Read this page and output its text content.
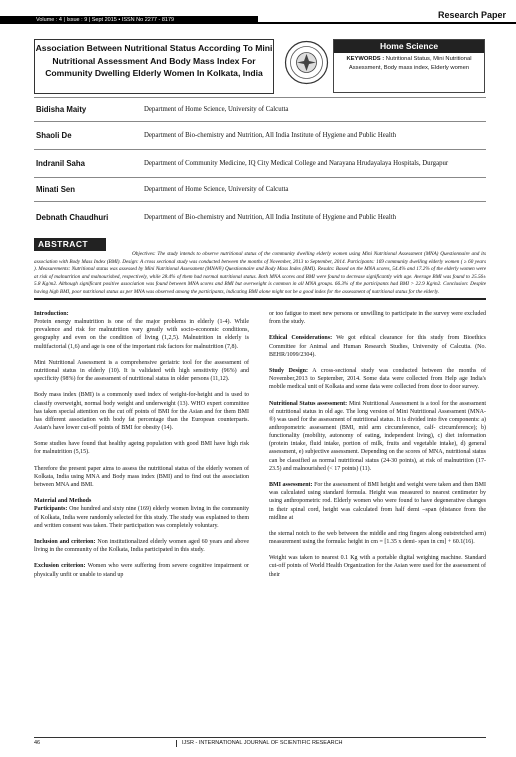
Volume : 4 | Issue : 9 | Sept 2015 • ISSN No 2277 - 8179	Research Paper
Association Between Nutritional Status According To Mini Nutritional Assessment And Body Mass Index For Community Dwelling Elderly Women In Kolkata, India
Home Science
KEYWORDS : Nutritional Status, Mini Nutritional Assessment, Body mass index, Elderly women
Bidisha Maity	Department of Home Science, University of Calcutta
Shaoli De	Department of Bio-chemistry and Nutrition, All India Institute of Hygiene and Public Health
Indranil Saha	Department of Community Medicine, IQ City Medical College and Narayana Hrudayalaya Hospitals, Durgapur
Minati Sen	Department of Home Science, University of Calcutta
Debnath Chaudhuri	Department of Bio-chemistry and Nutrition, All India Institute of Hygiene and Public Health
ABSTRACT
Objectives: The study intends to observe nutritional status of the community dwelling elderly women using Mini Nutritional Assessment (MNA) Questionnaire and its association with Body Mass Index (BMI). Design: A cross sectional study was conducted between the months of November, 2013 to September, 2014. Participants: 169 community dwelling elderly women ( ≥ 60 years ). Measurements: Nutritional status was assessed by Mini Nutritional Assessment (MNA®) Questionnaire and Body Mass Index (BMI). Results: Based on the MNA scores, 54.4% and 17.2% of the elderly women were at risk of malnutrition and malnourished, respectively, while 28.4% of them had normal nutritional status. Both MNA scores and BMI were found to decrease significantly with age. Average BMI was found to 25.56± 5.8 Kg/m2. Although significant positive association was found between MNA scores and BMI but overweight is common in all MNA groups. 66.3% of the participants had BMI > 22.9 Kg/m2. Conclusion: Despite having high BMI, poor nutritional status as per MNA was observed among the participants, indicating BMI alone might not be a good index for the assessment of nutritional status for the elderly.

Introduction:
Protein energy malnutrition is one of the major problems in elderly (1-4). While prevalence and risk for malnutrition vary greatly with socio-economic conditions, geography and even on the condition of living (1,2,5). Malnutrition in elderly is multifactorial (1,6) and age is one of the important risk factors for malnutrition (7,8).

Mini Nutritional Assessment is a comprehensive geriatric tool for the assessment of nutritional status in elderly (10). It is validated with high sensitivity (96%) and specificity (98%) for the assessment of nutritional status in older persons (11,12).

Body mass index (BMI) is a commonly used index of weight-for-height and is used to classify overweight, normal body weight and underweight (13). WHO expert committee has taken special attention on the cut off points of BMI for the Asian and for them BMI has different association with body fat percentage than the European counterparts. Asian's have lower cut-off points of BMI for obesity (14).

Some studies have found that healthy ageing population with good BMI have high risk for malnutrition (5,15).

Therefore the present paper aims to assess the nutritional status of the elderly women of Kolkata, India using MNA and Body mass index (BMI) and to find out the association between MNA and BMI.

Material and Methods

Participants: One hundred and sixty nine (169) elderly women living in the community of Kolkata, India were randomly selected for this study. The study was explained to them and written consent was taken. Their participation was completely voluntary.

Inclusion and criterion: Non institutionalized elderly women aged 60 years and above living in the community of the Kolkata, India participated in this study.

Exclusion criterion: Women who were suffering from severe cognitive impairment or physically unfit or unable to stand up

or too fatigue to meet new persons or unwilling to participate in the survey were excluded from the study.

Ethical Considerations: We got ethical clearance for this study from Bioethics Committee for Animal and Human Research Studies, University of Calcutta. (No. BEHR/1099/2304).

Study Design: A cross-sectional study was conducted between the months of November,2013 to September, 2014. Some data were collected from Help age India's mobile medical unit of Kolkata and some data were collected from door to door survey.

Nutritional Status assessment: Mini Nutritional Assessment is a tool for the assessment of nutritional status in old age. The long version of Mini Nutritional Assessment (MNA-®) was used for the assessment of nutritional status. It is divided into five components: a) anthropometric assessment (BMI, mid arm circumference, calf- circumference); b) functionality (mobility, autonomy of eating, independent living), c) diet information (protein intake, fluid intake, portion of milk, fruits and vegetable intake), d) general assessment, e) subjective assessment. Depending on the scores of MNA, nutritional status can be classified as normal nutritional status (24-30 points), at risk of malnutrition (17- 23.5) and malnourished (< 17 points) (11).

BMI assessment: For the assessment of BMI height and weight were taken and then BMI was calculated using standard formula. Height was measured to nearest centimeter by using anthropometric rod. Elderly women who were found to have degenerative changes in their spinal cord, height was calculated from half demi –span (distance from the midline at

the sternal notch to the web between the middle and ring fingers along outstretched arm) measurement using the formula: height in cm = [1.35 x demi- span in cm] + 60.1(16).

Weight was taken to nearest 0.1 Kg with a portable digital weighing machine. Standard cut-off points of World Health Organization for the Asian were used for the assessment of their

46	IJSR - INTERNATIONAL JOURNAL OF SCIENTIFIC RESEARCH
